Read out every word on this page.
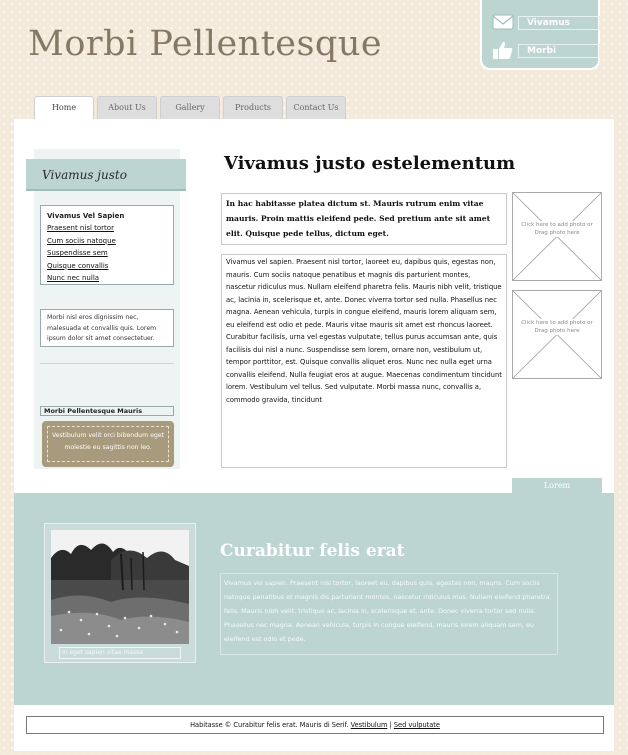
Morbi Pellentesque
Vivamus
Morbi
Home	About Us	Gallery	Products	Contact Us
Vivamus justo
Vivamus Vel Sapien
Praesent nisl tortor
Cum sociis natoque
Suspendisse sem
Quisque convallis
Nunc nec nulla
Morbi nisl eros dignissim nec, malesuada et convallis quis. Lorem ipsum dolor sit amet consectetuer.
Morbi Pellentesque Mauris
Vestibulum velit orci bibendum eget molestie eu sagittis non leo.
Vivamus justo estelementum
In hac habitasse platea dictum st. Mauris rutrum enim vitae mauris. Proin mattis eleifend pede. Sed pretium ante sit amet elit. Quisque pede tellus, dictum eget.
Vivamus vel sapien. Praesent nisl tortor, laoreet eu, dapibus quis, egestas non, mauris. Cum sociis natoque penatibus et magnis dis parturient montes, nascetur ridiculus mus. Nullam eleifend pharetra felis. Mauris nibh velit, tristique ac, lacinia in, scelerisque et, ante. Donec viverra tortor sed nulla. Phasellus nec magna. Aenean vehicula, turpis in congue eleifend, mauris lorem aliquam sem, eu eleifend est odio et pede. Mauris vitae mauris sit amet est rhoncus laoreet. Curabitur facilisis, urna vel egestas vulputate, tellus purus accumsan ante, quis facilisis dui nisl a nunc. Suspendisse sem lorem, ornare non, vestibulum ut, tempor porttitor, est. Quisque convallis aliquet eros. Nunc nec nulla eget urna convallis eleifend. Nulla feugiat eros at augue. Maecenas condimentum tincidunt lorem. Vestibulum vel tellus. Sed vulputate. Morbi massa nunc, convallis a, commodo gravida, tincidunt
Click here to add photo or Drag photo here
Click here to add photo or Drag photo here
Lorem
In eget sapien vitae massa
Curabitur felis erat
Vivamus vel sapien. Praesent nisl tortor, laoreet eu, dapibus quis, egestas non, mauris. Cum sociis natoque penatibus et magnis dis parturient montes, nascetur ridiculus mus. Nullam eleifend pharetra felis. Mauris nibh velit, tristique ac, lacinia in, scelerisque et, ante. Donec viverra tortor sed nulla. Phasellus nec magna. Aenean vehicula, turpis in congue eleifend, mauris lorem aliquam sem, eu eleifend est odio et pede.
Habitasse © Curabitur felis erat. Mauris di Serif. Vestibulum | Sed vulputate
